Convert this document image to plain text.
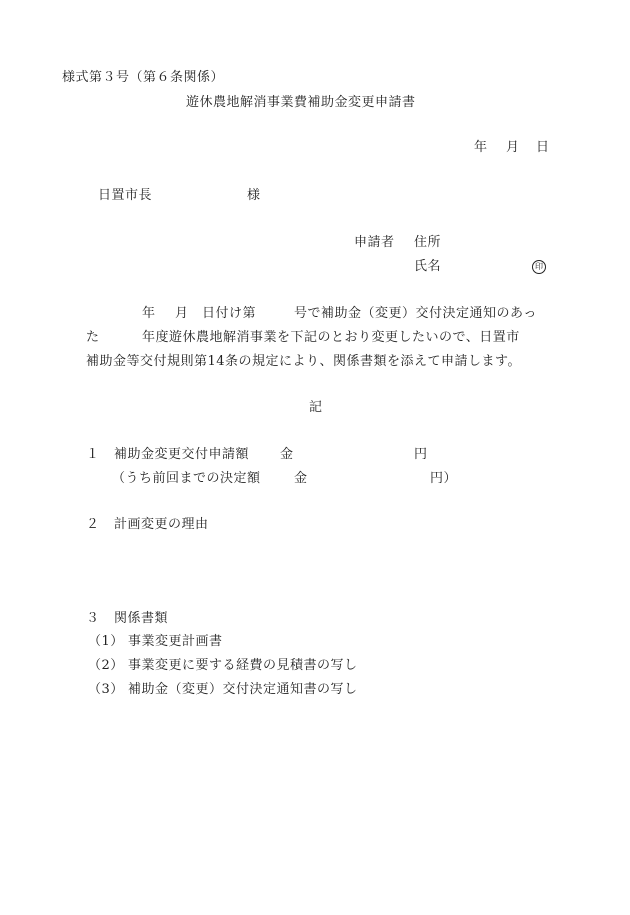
様式第３号（第６条関係）
遊休農地解消事業費補助金変更申請書
年 月 日
日置市長	様
申請者 住所
氏名	印
年 月 日付け第	号で補助金（変更）交付決定通知のあっ
た	年度遊休農地解消事業を下記のとおり変更したいので、日置市
補助金等交付規則第14条の規定により、関係書類を添えて申請します。
記
１ 補助金変更交付申請額 金	円
（うち前回までの決定額	金	円）
２ 計画変更の理由
３ 関係書類
（1） 事業変更計画書
（2） 事業変更に要する経費の見積書の写し
（3） 補助金（変更）交付決定通知書の写し
